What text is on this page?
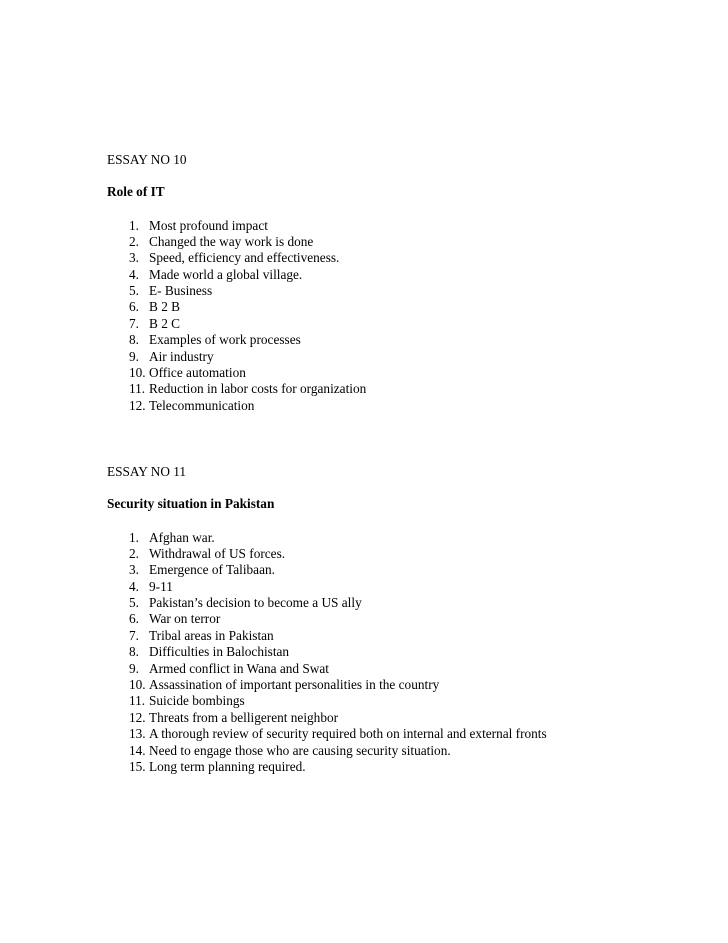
ESSAY NO 10

Role of IT

1. Most profound impact
2. Changed the way work is done
3. Speed, efficiency and effectiveness.
4. Made world a global village.
5. E- Business
6. B 2 B
7. B 2 C
8. Examples of work processes
9. Air industry
10. Office automation
11. Reduction in labor costs for organization
12. Telecommunication

ESSAY NO 11

Security situation in Pakistan

1. Afghan war.
2. Withdrawal of US forces.
3. Emergence of Talibaan.
4. 9-11
5. Pakistan’s decision to become a US ally
6. War on terror
7. Tribal areas in Pakistan
8. Difficulties in Balochistan
9. Armed conflict in Wana and Swat
10. Assassination of important personalities in the country
11. Suicide bombings
12. Threats from a belligerent neighbor
13. A thorough review of security required both on internal and external fronts
14. Need to engage those who are causing security situation.
15. Long term planning required.
